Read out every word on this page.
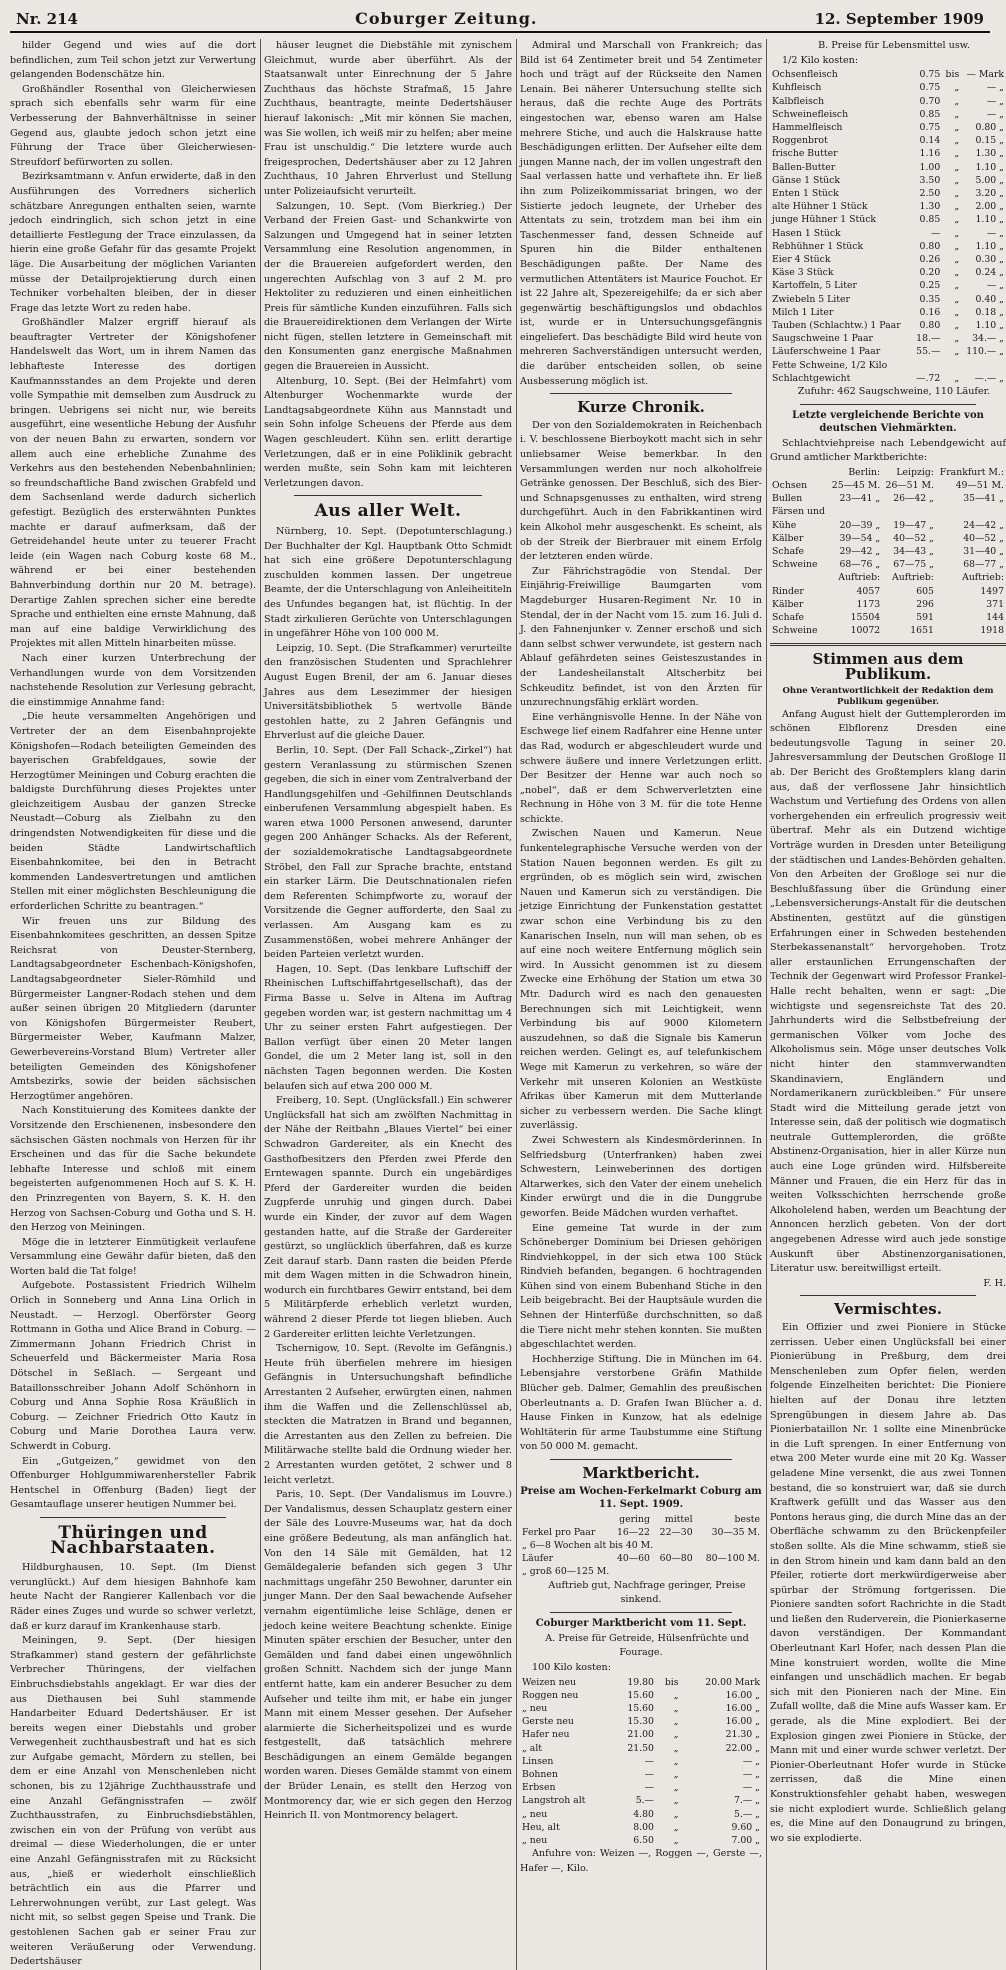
Nr. 214	Coburger Zeitung.	12. September 1909

hilder Gegend und wies auf die dort befindlichen, zum Teil schon jetzt zur Verwertung gelangenden Bodenschätze hin.

Großhändler Rosenthal von Gleicherwiesen sprach sich ebenfalls sehr warm für eine Verbesserung der Bahnverhältnisse in seiner Gegend aus, glaubte jedoch schon jetzt eine Führung der Trace über Gleicherwiesen-Streufdorf befürworten zu sollen.

Bezirksamtmann v. Anfun erwiderte, daß in den Ausführungen des Vorredners sicherlich schätzbare Anregungen enthalten seien, warnte jedoch eindringlich, sich schon jetzt in eine detaillierte Festlegung der Trace einzulassen, da hierin eine große Gefahr für das gesamte Projekt läge. Die Ausarbeitung der möglichen Varianten müsse der Detailprojektierung durch einen Techniker vorbehalten bleiben, der in dieser Frage das letzte Wort zu reden habe.

Großhändler Malzer ergriff hierauf als beauftragter Vertreter der Königshofener Handelswelt das Wort, um in ihrem Namen das lebhafteste Interesse des dortigen Kaufmannsstandes an dem Projekte und deren volle Sympathie mit demselben zum Ausdruck zu bringen. Uebrigens sei nicht nur, wie bereits ausgeführt, eine wesentliche Hebung der Ausfuhr von der neuen Bahn zu erwarten, sondern vor allem auch eine erhebliche Zunahme des Verkehrs aus den bestehenden Nebenbahnlinien; so freundschaftliche Band zwischen Grabfeld und dem Sachsenland werde dadurch sicherlich gefestigt. Bezüglich des ersterwähnten Punktes machte er darauf aufmerksam, daß der Getreidehandel heute unter zu teuerer Fracht leide (ein Wagen nach Coburg koste 68 M., während er bei einer bestehenden Bahnverbindung dorthin nur 20 M. betrage). Derartige Zahlen sprechen sicher eine beredte Sprache und enthielten eine ernste Mahnung, daß man auf eine baldige Verwirklichung des Projektes mit allen Mitteln hinarbeiten müsse.

Nach einer kurzen Unterbrechung der Verhandlungen wurde von dem Vorsitzenden nachstehende Resolution zur Verlesung gebracht, die einstimmige Annahme fand:

„Die heute versammelten Angehörigen und Vertreter der an dem Eisenbahnprojekte Königshofen—Rodach beteiligten Gemeinden des bayerischen Grabfeldgaues, sowie der Herzogtümer Meiningen und Coburg erachten die baldigste Durchführung dieses Projektes unter gleichzeitigem Ausbau der ganzen Strecke Neustadt—Coburg als Zielbahn zu den dringendsten Notwendigkeiten für diese und die beiden Städte Landwirtschaftlich Eisenbahnkomitee, bei den in Betracht kommenden Landesvertretungen und amtlichen Stellen mit einer möglichsten Beschleunigung die erforderlichen Schritte zu beantragen.“

Wir freuen uns zur Bildung des Eisenbahnkomitees geschritten, an dessen Spitze Reichsrat von Deuster-Sternberg, Landtagsabgeordneter Eschenbach-Königshofen, Landtagsabgeordneter Sieler-Römhild und Bürgermeister Langner-Rodach stehen und dem außer seinen übrigen 20 Mitgliedern (darunter von Königshofen Bürgermeister Reubert, Bürgermeister Weber, Kaufmann Malzer, Gewerbevereins-Vorstand Blum) Vertreter aller beteiligten Gemeinden des Königshofener Amtsbezirks, sowie der beiden sächsischen Herzogtümer angehören.

Nach Konstituierung des Komitees dankte der Vorsitzende den Erschienenen, insbesondere den sächsischen Gästen nochmals von Herzen für ihr Erscheinen und das für die Sache bekundete lebhafte Interesse und schloß mit einem begeisterten aufgenommenen Hoch auf S. K. H. den Prinzregenten von Bayern, S. K. H. den Herzog von Sachsen-Coburg und Gotha und S. H. den Herzog von Meiningen.

Möge die in letzterer Einmütigkeit verlaufene Versammlung eine Gewähr dafür bieten, daß den Worten bald die Tat folge!

Aufgebote. Postassistent Friedrich Wilhelm Orlich in Sonneberg und Anna Lina Orlich in Neustadt. — Herzogl. Oberförster Georg Rottmann in Gotha und Alice Brand in Coburg. — Zimmermann Johann Friedrich Christ in Scheuerfeld und Bäckermeister Maria Rosa Dötschel in Seßlach. — Sergeant und Bataillonsschreiber Johann Adolf Schönhorn in Coburg und Anna Sophie Rosa Kräußlich in Coburg. — Zeichner Friedrich Otto Kautz in Coburg und Marie Dorothea Laura verw. Schwerdt in Coburg.

Ein „Gutgeizen,“ gewidmet von den Offenburger Hohlgummiwarenhersteller Fabrik Hentschel in Offenburg (Baden) liegt der Gesamtauflage unserer heutigen Nummer bei.

Thüringen und Nachbarstaaten.

Hildburghausen, 10. Sept. (Im Dienst verunglückt.) Auf dem hiesigen Bahnhofe kam heute Nacht der Rangierer Kallenbach vor die Räder eines Zuges und wurde so schwer verletzt, daß er kurz darauf im Krankenhause starb.

Meiningen, 9. Sept. (Der hiesigen Strafkammer) stand gestern der gefährlichste Verbrecher Thüringens, der vielfachen Einbruchsdiebstahls angeklagt. Er war dies der aus Diethausen bei Suhl stammende Handarbeiter Eduard Dedertshäuser. Er ist bereits wegen einer Diebstahls und grober Verwegenheit zuchthausbestraft und hat es sich zur Aufgabe gemacht, Mördern zu stellen, bei dem er eine Anzahl von Menschenleben nicht schonen, bis zu 12jährige Zuchthausstrafe und eine Anzahl Gefängnisstrafen — zwölf Zuchthausstrafen, zu Einbruchsdiebstählen, zwischen ein von der Prüfung von verübt aus dreimal — diese Wiederholungen, die er unter eine Anzahl Gefängnisstrafen mit zu Rücksicht aus, „hieß er wiederholt einschließlich beträchtlich ein aus die Pfarrer und Lehrerwohnungen verübt, zur Last gelegt. Was nicht mit, so selbst gegen Speise und Trank. Die gestohlenen Sachen gab er seiner Frau zur weiteren Veräußerung oder Verwendung. Dedertshäuser

häuser leugnet die Diebstähle mit zynischem Gleichmut, wurde aber überführt. Als der Staatsanwalt unter Einrechnung der 5 Jahre Zuchthaus das höchste Strafmaß, 15 Jahre Zuchthaus, beantragte, meinte Dedertshäuser hierauf lakonisch: „Mit mir können Sie machen, was Sie wollen, ich weiß mir zu helfen; aber meine Frau ist unschuldig.“ Die letztere wurde auch freigesprochen, Dedertshäuser aber zu 12 Jahren Zuchthaus, 10 Jahren Ehrverlust und Stellung unter Polizeiaufsicht verurteilt.

Salzungen, 10. Sept. (Vom Bierkrieg.) Der Verband der Freien Gast- und Schankwirte von Salzungen und Umgegend hat in seiner letzten Versammlung eine Resolution angenommen, in der die Brauereien aufgefordert werden, den ungerechten Aufschlag von 3 auf 2 M. pro Hektoliter zu reduzieren und einen einheitlichen Preis für sämtliche Kunden einzuführen. Falls sich die Brauereidirektionen dem Verlangen der Wirte nicht fügen, stellen letztere in Gemeinschaft mit den Konsumenten ganz energische Maßnahmen gegen die Brauereien in Aussicht.

Altenburg, 10. Sept. (Bei der Helmfahrt) vom Altenburger Wochenmarkte wurde der Landtagsabgeordnete Kühn aus Mannstadt und sein Sohn infolge Scheuens der Pferde aus dem Wagen geschleudert. Kühn sen. erlitt derartige Verletzungen, daß er in eine Poliklinik gebracht werden mußte, sein Sohn kam mit leichteren Verletzungen davon.

Aus aller Welt.

Nürnberg, 10. Sept. (Depotunterschlagung.) Der Buchhalter der Kgl. Hauptbank Otto Schmidt hat sich eine größere Depotunterschlagung zuschulden kommen lassen. Der ungetreue Beamte, der die Unterschlagung von Anleiheititeln des Unfundes begangen hat, ist flüchtig. In der Stadt zirkulieren Gerüchte von Unterschlagungen in ungefährer Höhe von 100 000 M.

Leipzig, 10. Sept. (Die Strafkammer) verurteilte den französischen Studenten und Sprachlehrer August Eugen Brenil, der am 6. Januar dieses Jahres aus dem Lesezimmer der hiesigen Universitätsbibliothek 5 wertvolle Bände gestohlen hatte, zu 2 Jahren Gefängnis und Ehrverlust auf die gleiche Dauer.

Berlin, 10. Sept. (Der Fall Schack-„Zirkel“) hat gestern Veranlassung zu stürmischen Szenen gegeben, die sich in einer vom Zentralverband der Handlungsgehilfen und -Gehilfinnen Deutschlands einberufenen Versammlung abgespielt haben. Es waren etwa 1000 Personen anwesend, darunter gegen 200 Anhänger Schacks. Als der Referent, der sozialdemokratische Landtagsabgeordnete Ströbel, den Fall zur Sprache brachte, entstand ein starker Lärm. Die Deutschnationalen riefen dem Referenten Schimpfworte zu, worauf der Vorsitzende die Gegner aufforderte, den Saal zu verlassen. Am Ausgang kam es zu Zusammenstößen, wobei mehrere Anhänger der beiden Parteien verletzt wurden.

Hagen, 10. Sept. (Das lenkbare Luftschiff der Rheinischen Luftschiffahrtgesellschaft), das der Firma Basse u. Selve in Altena im Auftrag gegeben worden war, ist gestern nachmittag um 4 Uhr zu seiner ersten Fahrt aufgestiegen. Der Ballon verfügt über einen 20 Meter langen Gondel, die um 2 Meter lang ist, soll in den nächsten Tagen begonnen werden. Die Kosten belaufen sich auf etwa 200 000 M.

Freiberg, 10. Sept. (Unglücksfall.) Ein schwerer Unglücksfall hat sich am zwölften Nachmittag in der Nähe der Reitbahn „Blaues Viertel“ bei einer Schwadron Gardereiter, als ein Knecht des Gasthofbesitzers den Pferden zwei Pferde den Erntewagen spannte. Durch ein ungebärdiges Pferd der Gardereiter wurden die beiden Zugpferde unruhig und gingen durch. Dabei wurde ein Kinder, der zuvor auf dem Wagen gestanden hatte, auf die Straße der Gardereiter gestürzt, so unglücklich überfahren, daß es kurze Zeit darauf starb. Dann rasten die beiden Pferde mit dem Wagen mitten in die Schwadron hinein, wodurch ein furchtbares Gewirr entstand, bei dem 5 Militärpferde erheblich verletzt wurden, während 2 dieser Pferde tot liegen blieben. Auch 2 Gardereiter erlitten leichte Verletzungen.

Tschernigow, 10. Sept. (Revolte im Gefängnis.) Heute früh überfielen mehrere im hiesigen Gefängnis in Untersuchungshaft befindliche Arrestanten 2 Aufseher, erwürgten einen, nahmen ihm die Waffen und die Zellenschlüssel ab, steckten die Matratzen in Brand und begannen, die Arrestanten aus den Zellen zu befreien. Die Militärwache stellte bald die Ordnung wieder her. 2 Arrestanten wurden getötet, 2 schwer und 8 leicht verletzt.

Paris, 10. Sept. (Der Vandalismus im Louvre.) Der Vandalismus, dessen Schauplatz gestern einer der Säle des Louvre-Museums war, hat da doch eine größere Bedeutung, als man anfänglich hat. Von den 14 Säle mit Gemälden, hat 12 Gemäldegalerie befanden sich gegen 3 Uhr nachmittags ungefähr 250 Bewohner, darunter ein junger Mann. Der den Saal bewachende Aufseher vernahm eigentümliche leise Schläge, denen er jedoch keine weitere Beachtung schenkte. Einige Minuten später erschien der Besucher, unter den Gemälden und fand dabei einen ungewöhnlich großen Schnitt. Nachdem sich der junge Mann entfernt hatte, kam ein anderer Besucher zu dem Aufseher und teilte ihm mit, er habe ein junger Mann mit einem Messer gesehen. Der Aufseher alarmierte die Sicherheitspolizei und es wurde festgestellt, daß tatsächlich mehrere Beschädigungen an einem Gemälde begangen worden waren. Dieses Gemälde stammt von einem der Brüder Lenain, es stellt den Herzog von Montmorency dar, wie er sich gegen den Herzog Heinrich II. von Montmorency belagert.

Admiral und Marschall von Frankreich; das Bild ist 64 Zentimeter breit und 54 Zentimeter hoch und trägt auf der Rückseite den Namen Lenain. Bei näherer Untersuchung stellte sich heraus, daß die rechte Auge des Porträts eingestochen war, ebenso waren am Halse mehrere Stiche, und auch die Halskrause hatte Beschädigungen erlitten. Der Aufseher eilte dem jungen Manne nach, der im vollen ungestraft den Saal verlassen hatte und verhaftete ihn. Er ließ ihn zum Polizeikommissariat bringen, wo der Sistierte jedoch leugnete, der Urheber des Attentats zu sein, trotzdem man bei ihm ein Taschenmesser fand, dessen Schneide auf Spuren hin die Bilder enthaltenen Beschädigungen paßte. Der Name des vermutlichen Attentäters ist Maurice Fouchot. Er ist 22 Jahre alt, Spezereigehilfe; da er sich aber gegenwärtig beschäftigungslos und obdachlos ist, wurde er in Untersuchungsgefängnis eingeliefert. Das beschädigte Bild wird heute von mehreren Sachverständigen untersucht werden, die darüber entscheiden sollen, ob seine Ausbesserung möglich ist.

Kurze Chronik.

Der von den Sozialdemokraten in Reichenbach i. V. beschlossene Bierboykott macht sich in sehr unliebsamer Weise bemerkbar. In den Versammlungen werden nur noch alkoholfreie Getränke genossen. Der Beschluß, sich des Bier- und Schnapsgenusses zu enthalten, wird streng durchgeführt. Auch in den Fabrikkantinen wird kein Alkohol mehr ausgeschenkt. Es scheint, als ob der Streik der Bierbrauer mit einem Erfolg der letzteren enden würde.

Zur Fährichstragödie von Stendal. Der Einjährig-Freiwillige Baumgarten vom Magdeburger Husaren-Regiment Nr. 10 in Stendal, der in der Nacht vom 15. zum 16. Juli d. J. den Fahnenjunker v. Zenner erschoß und sich dann selbst schwer verwundete, ist gestern nach Ablauf gefährdeten seines Geisteszustandes in der Landesheilanstalt Altscherbitz bei Schkeuditz befindet, ist von den Ärzten für unzurechnungsfähig erklärt worden.

Eine verhängnisvolle Henne. In der Nähe von Eschwege lief einem Radfahrer eine Henne unter das Rad, wodurch er abgeschleudert wurde und schwere äußere und innere Verletzungen erlitt. Der Besitzer der Henne war auch noch so „nobel“, daß er dem Schwerverletzten eine Rechnung in Höhe von 3 M. für die tote Henne schickte.

Zwischen Nauen und Kamerun. Neue funkentelegraphische Versuche werden von der Station Nauen begonnen werden. Es gilt zu ergründen, ob es möglich sein wird, zwischen Nauen und Kamerun sich zu verständigen. Die jetzige Einrichtung der Funkenstation gestattet zwar schon eine Verbindung bis zu den Kanarischen Inseln, nun will man sehen, ob es auf eine noch weitere Entfernung möglich sein wird. In Aussicht genommen ist zu diesem Zwecke eine Erhöhung der Station um etwa 30 Mtr. Dadurch wird es nach den genauesten Berechnungen sich mit Leichtigkeit, wenn Verbindung bis auf 9000 Kilometern auszudehnen, so daß die Signale bis Kamerun reichen werden. Gelingt es, auf telefunkischem Wege mit Kamerun zu verkehren, so wäre der Verkehr mit unseren Kolonien an Westküste Afrikas über Kamerun mit dem Mutterlande sicher zu verbessern werden. Die Sache klingt zuverlässig.

Zwei Schwestern als Kindesmörderinnen. In Selfriedsburg (Unterfranken) haben zwei Schwestern, Leinweberinnen des dortigen Altarwerkes, sich den Vater der einem unehelich Kinder erwürgt und die in die Dunggrube geworfen. Beide Mädchen wurden verhaftet.

Eine gemeine Tat wurde in der zum Schöneberger Dominium bei Driesen gehörigen Rindviehkoppel, in der sich etwa 100 Stück Rindvieh befanden, begangen. 6 hochtragenden Kühen sind von einem Bubenhand Stiche in den Leib beigebracht. Bei der Hauptsäule wurden die Sehnen der Hinterfüße durchschnitten, so daß die Tiere nicht mehr stehen konnten. Sie mußten abgeschlachtet werden.

Hochherzige Stiftung. Die in München im 64. Lebensjahre verstorbene Gräfin Mathilde Blücher geb. Dalmer, Gemahlin des preußischen Oberleutnants a. D. Grafen Iwan Blücher a. d. Hause Finken in Kunzow, hat als edelnige Wohltäterin für arme Taubstumme eine Stiftung von 50 000 M. gemacht.

Marktbericht.
Preise am Wochen-Ferkelmarkt Coburg am 11. Sept. 1909.
	gering	mittel	beste
Ferkel pro Paar	16—22	22—30	30—35 M.
„ 6—8 Wochen alt bis 40 M.			
Läufer	40—60	60—80	80—100 M.
„ groß 60—125 M.			

Auftrieb gut, Nachfrage geringer, Preise sinkend.

Coburger Marktbericht vom 11. Sept.

A. Preise für Getreide, Hülsenfrüchte und Fourage.

100 Kilo kosten:

Weizen neu	19.80	bis	20.00 Mark
Roggen neu	15.60	„	16.00 „
„ neu	15.60	„	16.00 „
Gerste neu	15.30	„	16.00 „
Hafer neu	21.00	„	21.30 „
„ alt	21.50	„	22.00 „
Linsen	—	„	— „
Bohnen	—	„	— „
Erbsen	—	„	— „
Langstroh alt	5.—	„	7.— „
„ neu	4.80	„	5.— „
Heu, alt	8.00	„	9.60 „
„ neu	6.50	„	7.00 „

Anfuhre von: Weizen —, Roggen —, Gerste —, Hafer —, Kilo.

B. Preise für Lebensmittel usw.

1/2 Kilo kosten:

Ochsenfleisch	0.75	bis	— Mark
Kuhfleisch	0.75	„	— „
Kalbfleisch	0.70	„	— „
Schweinefleisch	0.85	„	— „
Hammelfleisch	0.75	„	0.80 „
Roggenbrot	0.14	„	0.15 „
frische Butter	1.16	„	1.30 „
Ballen-Butter	1.00	„	1.10 „
Gänse 1 Stück	3.50	„	5.00 „
Enten 1 Stück	2.50	„	3.20 „
alte Hühner 1 Stück	1.30	„	2.00 „
junge Hühner 1 Stück	0.85	„	1.10 „
Hasen 1 Stück	—	„	— „
Rebhühner 1 Stück	0.80	„	1.10 „
Eier 4 Stück	0.26	„	0.30 „
Käse 3 Stück	0.20	„	0.24 „
Kartoffeln, 5 Liter	0.25	„	— „
Zwiebeln 5 Liter	0.35	„	0.40 „
Milch 1 Liter	0.16	„	0.18 „
Tauben (Schlachtw.) 1 Paar	0.80	„	1.10 „
Saugschweine 1 Paar	18.—	„	34.— „
Läuferschweine 1 Paar	55.—	„	110.— „
Fette Schweine, 1/2 Kilo			
Schlachtgewicht	—.72	„	—.— „

Zufuhr: 462 Saugschweine, 110 Läufer.

Letzte vergleichende Berichte von deutschen Viehmärkten.

Schlachtviehpreise nach Lebendgewicht auf Grund amtlicher Marktberichte:

	Berlin:	Leipzig:	Frankfurt M.:
Ochsen	25—45 M.	26—51 M.	49—51 M.
Bullen	23—41 „	26—42 „	35—41 „
Färsen und			
Kühe	20—39 „	19—47 „	24—42 „
Kälber	39—54 „	40—52 „	40—52 „
Schafe	29—42 „	34—43 „	31—40 „
Schweine	68—76 „	67—75 „	68—77 „
	Auftrieb:	Auftrieb:	Auftrieb:
Rinder	4057	605	1497
Kälber	1173	296	371
Schafe	15504	591	144
Schweine	10072	1651	1918
Stimmen aus dem Publikum.
Ohne Verantwortlichkeit der Redaktion dem Publikum gegenüber.

Anfang August hielt der Guttemplerorden im schönen Elbflorenz Dresden eine bedeutungsvolle Tagung in seiner 20. Jahresversammlung der Deutschen Großloge II ab. Der Bericht des Großtemplers klang darin aus, daß der verflossene Jahr hinsichtlich Wachstum und Vertiefung des Ordens von allen vorhergehenden ein erfreulich progressiv weit übertraf. Mehr als ein Dutzend wichtige Vorträge wurden in Dresden unter Beteiligung der städtischen und Landes-Behörden gehalten. Von den Arbeiten der Großloge sei nur die Beschlußfassung über die Gründung einer „Lebensversicherungs-Anstalt für die deutschen Abstinenten, gestützt auf die günstigen Erfahrungen einer in Schweden bestehenden Sterbekassenanstalt“ hervorgehoben. Trotz aller erstaunlichen Errungenschaften der Technik der Gegenwart wird Professor Frankel-Halle recht behalten, wenn er sagt: „Die wichtigste und segensreichste Tat des 20. Jahrhunderts wird die Selbstbefreiung der germanischen Völker vom Joche des Alkoholismus sein. Möge unser deutsches Volk nicht hinter den stammverwandten Skandinaviern, Engländern und Nordamerikanern zurückbleiben.“ Für unsere Stadt wird die Mitteilung gerade jetzt von Interesse sein, daß der politisch wie dogmatisch neutrale Guttemplerorden, die größte Abstinenz-Organisation, hier in aller Kürze nun auch eine Loge gründen wird. Hilfsbereite Männer und Frauen, die ein Herz für das in weiten Volksschichten herrschende große Alkoholelend haben, werden um Beachtung der Annoncen herzlich gebeten. Von der dort angegebenen Adresse wird auch jede sonstige Auskunft über Abstinenzorganisationen, Literatur usw. bereitwilligst erteilt.

F. H.

Vermischtes.

Ein Offizier und zwei Pioniere in Stücke zerrissen. Ueber einen Unglücksfall bei einer Pionierübung in Preßburg, dem drei Menschenleben zum Opfer fielen, werden folgende Einzelheiten berichtet: Die Pioniere hielten auf der Donau ihre letzten Sprengübungen in diesem Jahre ab. Das Pionierbataillon Nr. 1 sollte eine Minenbrücke in die Luft sprengen. In einer Entfernung von etwa 200 Meter wurde eine mit 20 Kg. Wasser geladene Mine versenkt, die aus zwei Tonnen bestand, die so konstruiert war, daß sie durch Kraftwerk gefüllt und das Wasser aus den Pontons heraus ging, die durch Mine das an der Oberfläche schwamm zu den Brückenpfeiler stoßen sollte. Als die Mine schwamm, stieß sie in den Strom hinein und kam dann bald an den Pfeiler, rotierte dort merkwürdigerweise aber spürbar der Strömung fortgerissen. Die Pioniere sandten sofort Rachrichte in die Stadt und ließen den Ruderverein, die Pionierkaserne davon verständigen. Der Kommandant Oberleutnant Karl Hofer, nach dessen Plan die Mine konstruiert worden, wollte die Mine einfangen und unschädlich machen. Er begab sich mit den Pionieren nach der Mine. Ein Zufall wollte, daß die Mine aufs Wasser kam. Er gerade, als die Mine explodiert. Bei der Explosion gingen zwei Pioniere in Stücke, der Mann mit und einer wurde schwer verletzt. Der Pionier-Oberleutnant Hofer wurde in Stücke zerrissen, daß die Mine einen Konstruktionsfehler gehabt haben, weswegen sie nicht explodiert wurde. Schließlich gelang es, die Mine auf den Donaugrund zu bringen, wo sie explodierte.
